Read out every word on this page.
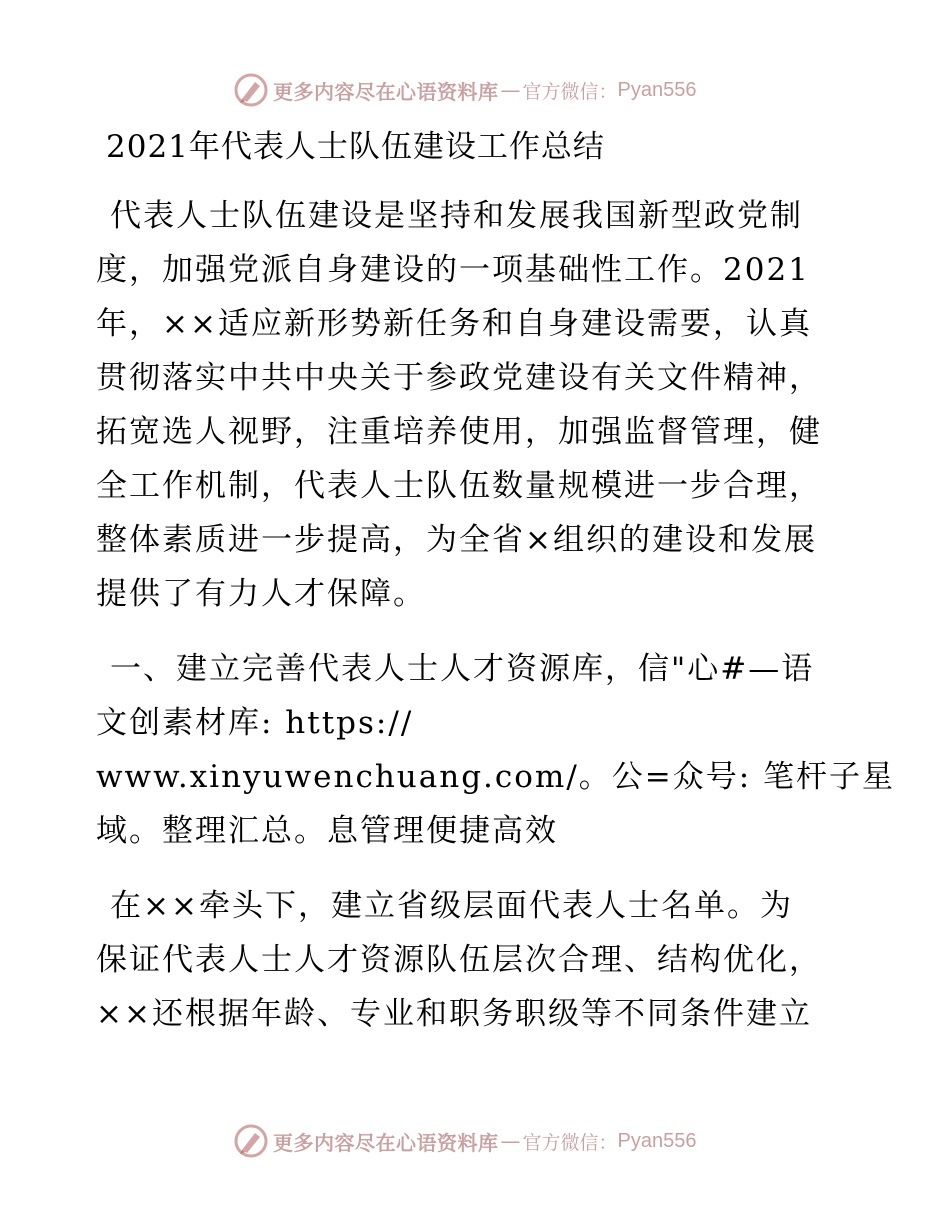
更多内容尽在心语资料库 — 官方微信： Pyan556
2021年代表人士队伍建设工作总结
代表人士队伍建设是坚持和发展我国新型政党制
度，加强党派自身建设的一项基础性工作。2021
年，××适应新形势新任务和自身建设需要，认真
贯彻落实中共中央关于参政党建设有关文件精神，
拓宽选人视野，注重培养使用，加强监督管理，健
全工作机制，代表人士队伍数量规模进一步合理，
整体素质进一步提高，为全省×组织的建设和发展
提供了有力人才保障。
一、建立完善代表人士人才资源库，信"心#—语
文创素材库: https://
www.xinyuwenchuang.com/。公=众号: 笔杆子星
域。整理汇总。息管理便捷高效
在××牵头下，建立省级层面代表人士名单。为
保证代表人士人才资源队伍层次合理、结构优化，
××还根据年龄、专业和职务职级等不同条件建立
更多内容尽在心语资料库 — 官方微信： Pyan556
